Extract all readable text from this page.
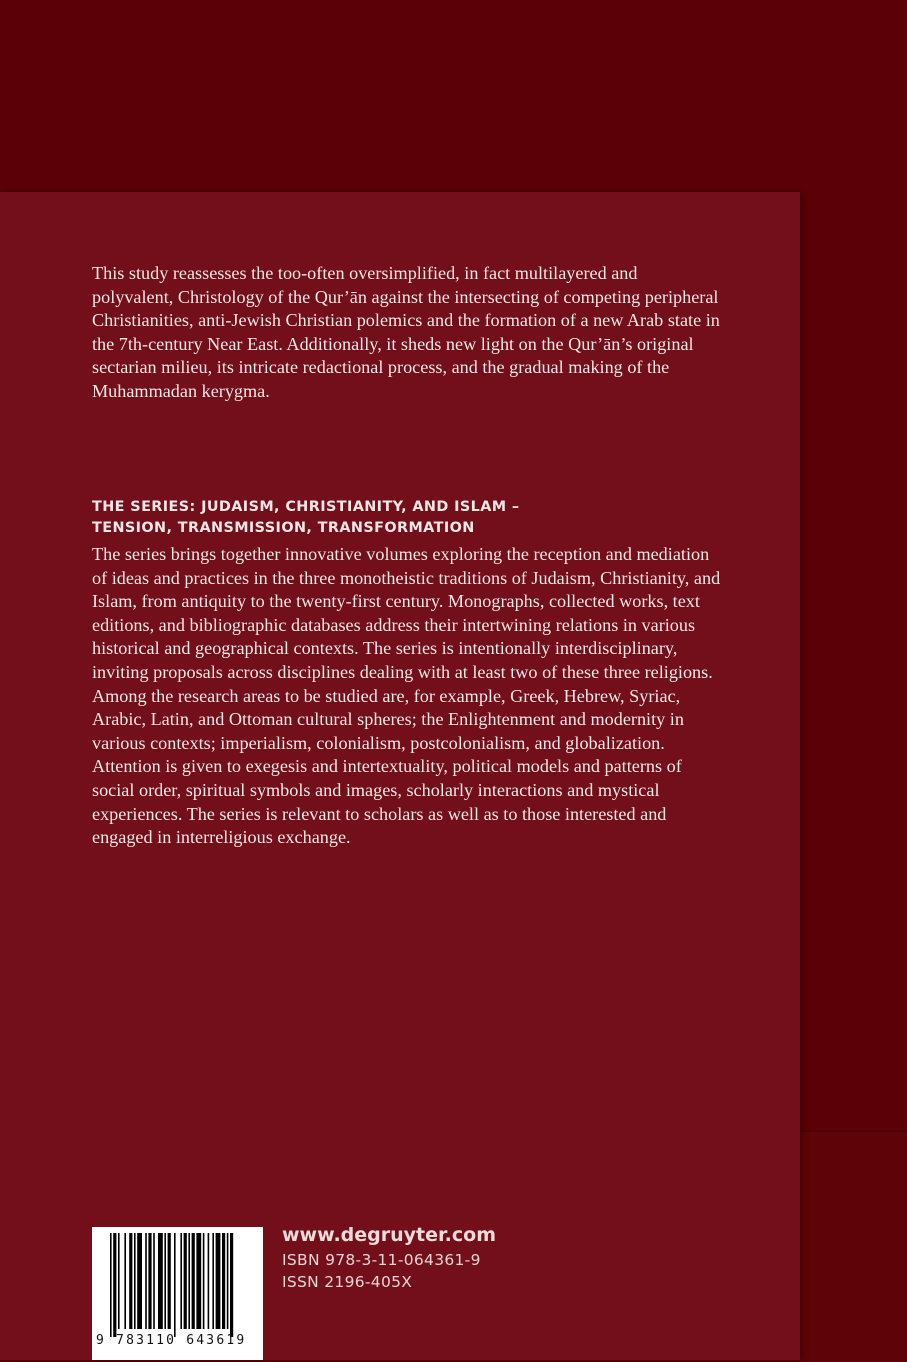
This study reassesses the too-often oversimplified, in fact multilayered and polyvalent, Christology of the Qur’ān against the intersecting of competing peripheral Christianities, anti-Jewish Christian polemics and the formation of a new Arab state in the 7th-century Near East. Additionally, it sheds new light on the Qur’ān’s original sectarian milieu, its intricate redactional process, and the gradual making of the Muhammadan kerygma.

THE SERIES: JUDAISM, CHRISTIANITY, AND ISLAM –
TENSION, TRANSMISSION, TRANSFORMATION

The series brings together innovative volumes exploring the reception and mediation of ideas and practices in the three monotheistic traditions of Judaism, Christianity, and Islam, from antiquity to the twenty-first century. Monographs, collected works, text editions, and bibliographic databases address their intertwining relations in various historical and geographical contexts. The series is intentionally interdisciplinary, inviting proposals across disciplines dealing with at least two of these three religions. Among the research areas to be studied are, for example, Greek, Hebrew, Syriac, Arabic, Latin, and Ottoman cultural spheres; the Enlightenment and modernity in various contexts; imperialism, colonialism, postcolonialism, and globalization. Attention is given to exegesis and intertextuality, political models and patterns of social order, spiritual symbols and images, scholarly interactions and mystical experiences. The series is relevant to scholars as well as to those interested and engaged in interreligious exchange.

9 783110 643619
www.degruyter.com
ISBN 978-3-11-064361-9
ISSN 2196-405X
